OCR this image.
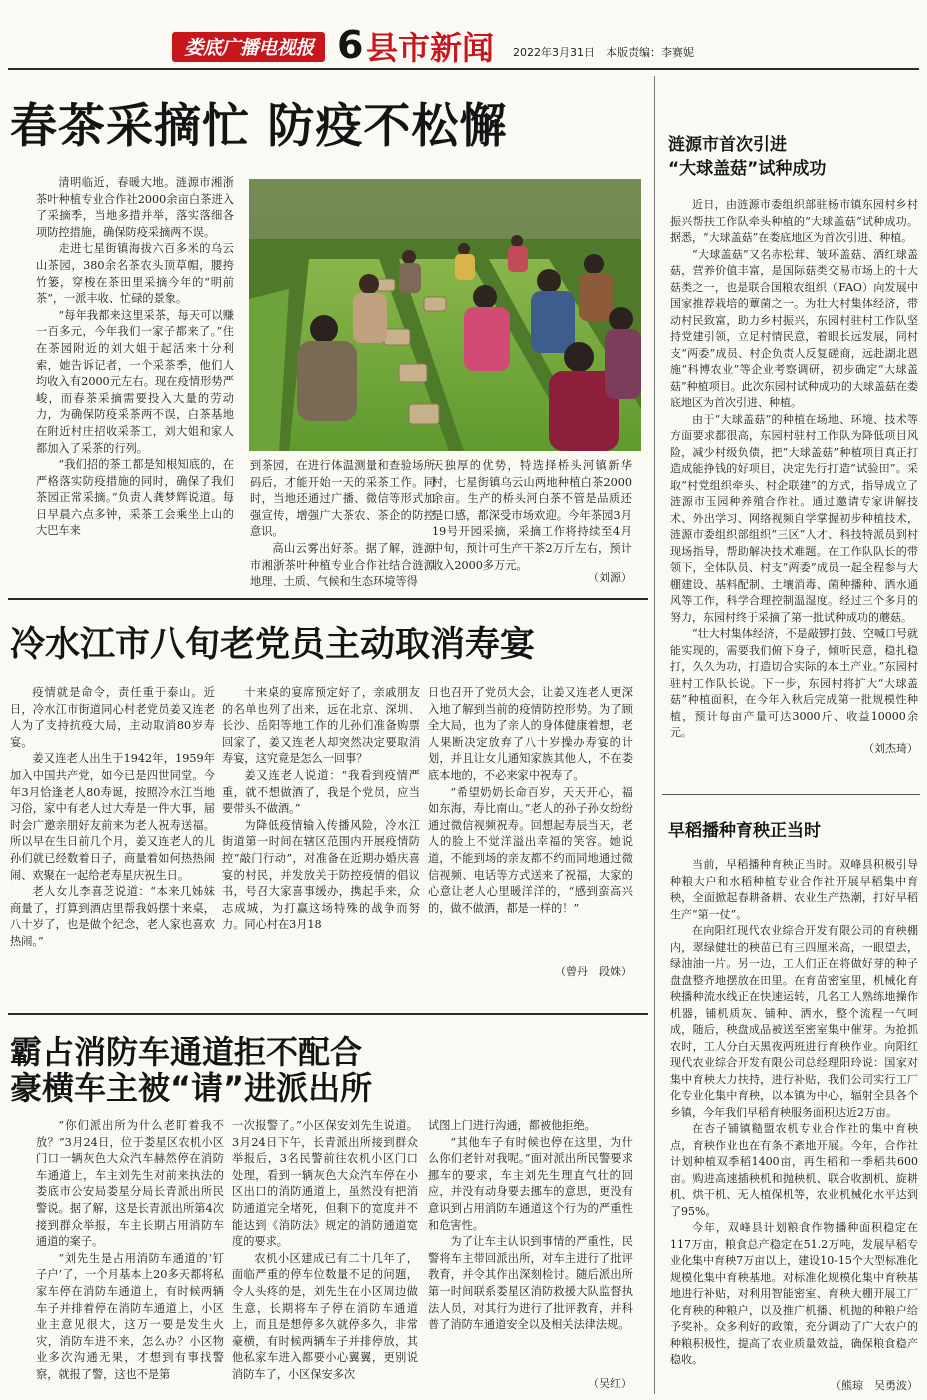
娄底广播电视报 6 县市新闻	2022年3月31日　本版责编：李赛妮
春茶采摘忙 防疫不松懈

清明临近，春暖大地。涟源市湘浙茶叶种植专业合作社2000余亩白茶进入了采摘季，当地多措并举，落实落细各项防控措施，确保防疫采摘两不误。

走进七星街镇海拔六百多米的乌云山茶园，380余名茶农头顶草帽，腰挎竹篓，穿梭在茶田里采摘今年的“明前茶”，一派丰收、忙碌的景象。

“每年我都来这里采茶，每天可以赚一百多元，今年我们一家子都来了。”住在茶园附近的刘大姐于起活来十分利索，她告诉记者，一个采茶季，他们人均收入有2000元左右。现在疫情形势严峻，而春茶采摘需要投入大量的劳动力，为确保防疫采茶两不误，白茶基地在附近村庄招收采茶工，刘大姐和家人都加入了采茶的行列。

“我们招的茶工都是知根知底的，在严格落实防疫措施的同时，确保了我们茶园正常采摘。”负责人龚梦辉说道。每日早晨六点多钟，采茶工会乘坐上山的大巴车来

到茶园，在进行体温测量和查验场所码后，才能开始一天的采茶工作。同时，当地还通过广播、微信等形式加强宣传，增强广大茶农、茶企的防控意识。

高山云雾出好茶。据了解，涟源市湘浙茶叶种植专业合作社结合涟源地理、土质、气候和生态环境等得

天独厚的优势，特选择桥头河镇新华村，七星街镇乌云山两地种植白茶2000余亩。生产的桥头河白茶不管是品质还是口感，都深受市场欢迎。今年茶园3月19号开园采摘，采摘工作将持续至4月中旬，预计可生产干茶2万斤左右，预计收入2000多万元。

（刘源）
冷水江市八旬老党员主动取消寿宴

疫情就是命令，责任重于泰山。近日，冷水江市街道同心村老党员姜又连老人为了支持抗疫大局，主动取消80岁寿宴。

姜又连老人出生于1942年，1959年加入中国共产党，如今已是四世同堂。今年3月恰逢老人80寿诞，按照冷水江当地习俗，家中有老人过大寿是一件大事，届时会广邀亲朋好友前来为老人祝寿送福。所以早在生日前几个月，姜又连老人的儿孙们就已经数着日子，商量着如何热热闹闹、欢聚在一起给老寿星庆祝生日。

老人女儿李喜芝说道：“本来几姊妹商量了，打算到酒店里帮我妈摆十来桌，八十岁了，也是做个纪念，老人家也喜欢热闹。”

十来桌的宴席预定好了，亲戚朋友的名单也列了出来，远在北京、深圳、长沙、岳阳等地工作的儿孙们准备购票回家了，姜又连老人却突然决定要取消寿宴，这究竟是怎么一回事？

姜又连老人说道：“我看到疫情严重，就不想做酒了，我是个党员，应当要带头不做酒。”

为降低疫情输入传播风险，冷水江街道第一时间在辖区范围内开展疫情防控“敲门行动”，对准备在近期办婚庆喜宴的村民，并发放关于防控疫情的倡议书，号召大家喜事缓办，携起手来，众志成城，为打赢这场特殊的战争而努力。同心村在3月18

日也召开了党员大会，让姜又连老人更深入地了解到当前的疫情防控形势。为了顾全大局，也为了亲人的身体健康着想，老人果断决定放弃了八十岁操办寿宴的计划，并且让女儿通知家族其他人，不在娄底本地的，不必来家中祝寿了。

“希望奶奶长命百岁，天天开心，福如东海，寿比南山。”老人的孙子孙女纷纷通过微信视频祝寿。回想起寿辰当天，老人的脸上不觉洋溢出幸福的笑容。她说道，不能到场的亲友都不约而同地通过微信视频、电话等方式送来了祝福，大家的心意让老人心里暖洋洋的，“感到蛮高兴的，做不做酒，都是一样的！”

（曾丹　段姝）
霸占消防车通道拒不配合
豪横车主被“请”进派出所

“你们派出所为什么老盯着我不放？”3月24日，位于娄星区农机小区门口一辆灰色大众汽车赫然停在消防车通道上，车主刘先生对前来执法的娄底市公安局娄星分局长青派出所民警说。据了解，这是长青派出所第4次接到群众举报，车主长期占用消防车通道的案子。

“刘先生是占用消防车通道的‘钉子户’了，一个月基本上20多天都将私家车停在消防车通道上，有时候两辆车子并排着停在消防车通道上，小区业主意见很大，这万一要是发生火灾，消防车进不来，怎么办？小区物业多次沟通无果，才想到有事找警察，就报了警，这也不是第

一次报警了。”小区保安刘先生说道。3月24日下午，长青派出所接到群众举报后，3名民警前往农机小区门口处理，看到一辆灰色大众汽车停在小区出口的消防通道上，虽然没有把消防通道完全堵死，但剩下的宽度并不能达到《消防法》规定的消防通道宽度的要求。

农机小区建成已有二十几年了，面临严重的停车位数量不足的问题，令人头疼的是，刘先生在小区周边做生意，长期将车子停在消防车通道上，而且是想停多久就停多久，非常豪横，有时候两辆车子并排停放，其他私家车进入都要小心翼翼，更别说消防车了，小区保安多次

试图上门进行沟通，都被他拒绝。

“其他车子有时候也停在这里，为什么你们老针对我呢。”面对派出所民警要求挪车的要求，车主刘先生理直气壮的回应，并没有动身要去挪车的意思，更没有意识到占用消防车通道这个行为的严重性和危害性。

为了让车主认识到事情的严重性，民警将车主带回派出所，对车主进行了批评教育，并令其作出深刻检讨。随后派出所第一时间联系娄星区消防救援大队监督执法人员，对其行为进行了批评教育，并科普了消防车通道安全以及相关法律法规。

（吴红）
涟源市首次引进
“大球盖菇”试种成功

近日，由涟源市委组织部驻杨市镇东园村乡村振兴帮扶工作队牵头种植的“大球盖菇”试种成功。据悉，“大球盖菇”在娄底地区为首次引进、种植。

“大球盖菇”又名赤松茸、皱环盖菇、酒红球盖菇，营养价值丰富，是国际菇类交易市场上的十大菇类之一，也是联合国粮农组织（FAO）向发展中国家推荐栽培的蕈菌之一。为壮大村集体经济，带动村民致富，助力乡村振兴，东园村驻村工作队坚持党建引领，立足村情民意，着眼长远发展，同村支“两委”成员、村企负责人反复磋商，远赴湖北恩施“科博农业”等企业考察调研，初步确定“大球盖菇”种植项目。此次东园村试种成功的大球盖菇在娄底地区为首次引进、种植。

由于“大球盖菇”的种植在场地、环境、技术等方面要求都很高，东园村驻村工作队为降低项目风险，减少村级负债，把“大球盖菇”种植项目真正打造成能挣钱的好项目，决定先行打造“试验田”。采取“村党组织牵头、村企联建”的方式，指导成立了涟源市玉园种养殖合作社。通过邀请专家讲解技术、外出学习、网络视频自学掌握初步种植技术，涟源市委组织部组织“三区”人才、科技特派员到村现场指导，帮助解决技术难题。在工作队队长的带领下，全体队员、村支“两委”成员一起全程参与大棚建设、基料配制、土壤消毒、菌种播种、洒水通风等工作，科学合理控制温湿度。经过三个多月的努力，东园村终于采摘了第一批试种成功的蘑菇。

“壮大村集体经济，不是敲锣打鼓、空喊口号就能实现的，需要我们俯下身子，倾听民意，稳扎稳打，久久为功，打造切合实际的本土产业。”东园村驻村工作队长说。下一步，东园村将扩大“大球盖菇”种植面积，在今年入秋后完成第一批规模性种植，预计每亩产量可达3000斤、收益10000余元。

（刘杰琦）
早稻播种育秧正当时

当前，早稻播种育秧正当时。双峰县积极引导种粮大户和水稻种植专业合作社开展早稻集中育秧，全面掀起春耕备耕、农业生产热潮，打好早稻生产“第一仗”。

在向阳红现代农业综合开发有限公司的育秧棚内，翠绿健壮的秧苗已有三四厘米高，一眼望去，绿油油一片。另一边，工人们正在将做好芽的种子盘盘整齐地摆放在田里。在育苗密室里，机械化育秧播种流水线正在快速运转，几名工人熟练地操作机器，铺机质灰、铺种、洒水，整个流程一气呵成，随后，秧盘成品被送至密室集中催芽。为抢抓农时，工人分白天黑夜两班进行育秧作业。向阳红现代农业综合开发有限公司总经理阳玲说：国家对集中育秧大力扶持，进行补贴，我们公司实行工厂化专业化集中育秧，以本镇为中心，辐射全县各个乡镇，今年我们早稻育秧服务面积达近2万亩。

在杏子铺镇糙盟农机专业合作社的集中育秧点，育秧作业也在有条不紊地开展。今年，合作社计划种植双季稻1400亩，再生稻和一季稻共600亩。购进高速插秧机和抛秧机、联合收割机、旋耕机、烘干机、无人植保机等，农业机械化水平达到了95%。

今年，双峰县计划粮食作物播种面积稳定在117万亩，粮食总产稳定在51.2万吨，发展早稻专业化集中育秧7万亩以上，建设10-15个大型标准化规模化集中育秧基地。对标准化规模化集中育秧基地进行补贴，对利用智能密室、育秧大棚开展工厂化育秧的种粮户，以及推广机播、机抛的种粮户给予奖补。众多利好的政策，充分调动了广大农户的种粮积极性，提高了农业质量效益，确保粮食稳产稳收。

（熊琼　吴勇波）
